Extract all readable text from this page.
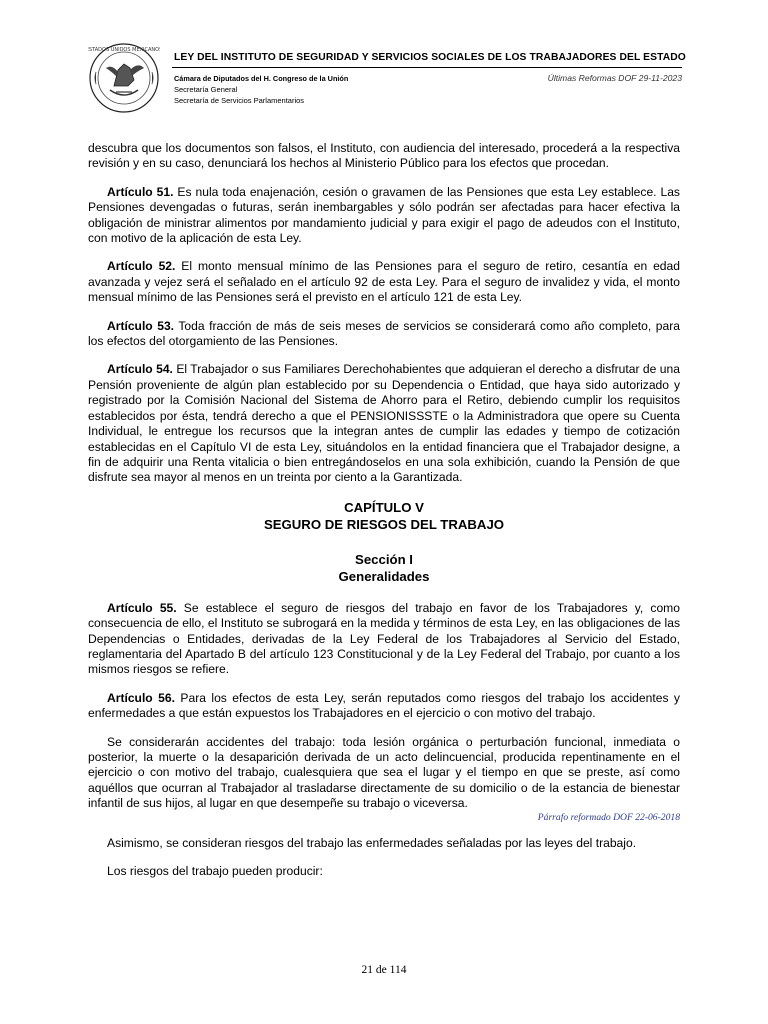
ESTADOS UNIDOS MEXICANOS
LEY DEL INSTITUTO DE SEGURIDAD Y SERVICIOS SOCIALES DE LOS TRABAJADORES DEL ESTADO
Cámara de Diputados del H. Congreso de la Unión
Secretaría General
Secretaría de Servicios Parlamentarios
Últimas Reformas DOF 29-11-2023

descubra que los documentos son falsos, el Instituto, con audiencia del interesado, procederá a la respectiva revisión y en su caso, denunciará los hechos al Ministerio Público para los efectos que procedan.

Artículo 51. Es nula toda enajenación, cesión o gravamen de las Pensiones que esta Ley establece. Las Pensiones devengadas o futuras, serán inembargables y sólo podrán ser afectadas para hacer efectiva la obligación de ministrar alimentos por mandamiento judicial y para exigir el pago de adeudos con el Instituto, con motivo de la aplicación de esta Ley.

Artículo 52. El monto mensual mínimo de las Pensiones para el seguro de retiro, cesantía en edad avanzada y vejez será el señalado en el artículo 92 de esta Ley. Para el seguro de invalidez y vida, el monto mensual mínimo de las Pensiones será el previsto en el artículo 121 de esta Ley.

Artículo 53. Toda fracción de más de seis meses de servicios se considerará como año completo, para los efectos del otorgamiento de las Pensiones.

Artículo 54. El Trabajador o sus Familiares Derechohabientes que adquieran el derecho a disfrutar de una Pensión proveniente de algún plan establecido por su Dependencia o Entidad, que haya sido autorizado y registrado por la Comisión Nacional del Sistema de Ahorro para el Retiro, debiendo cumplir los requisitos establecidos por ésta, tendrá derecho a que el PENSIONISSSTE o la Administradora que opere su Cuenta Individual, le entregue los recursos que la integran antes de cumplir las edades y tiempo de cotización establecidas en el Capítulo VI de esta Ley, situándolos en la entidad financiera que el Trabajador designe, a fin de adquirir una Renta vitalicia o bien entregándoselos en una sola exhibición, cuando la Pensión de que disfrute sea mayor al menos en un treinta por ciento a la Garantizada.

CAPÍTULO V
SEGURO DE RIESGOS DEL TRABAJO
Sección I
Generalidades

Artículo 55. Se establece el seguro de riesgos del trabajo en favor de los Trabajadores y, como consecuencia de ello, el Instituto se subrogará en la medida y términos de esta Ley, en las obligaciones de las Dependencias o Entidades, derivadas de la Ley Federal de los Trabajadores al Servicio del Estado, reglamentaria del Apartado B del artículo 123 Constitucional y de la Ley Federal del Trabajo, por cuanto a los mismos riesgos se refiere.

Artículo 56. Para los efectos de esta Ley, serán reputados como riesgos del trabajo los accidentes y enfermedades a que están expuestos los Trabajadores en el ejercicio o con motivo del trabajo.

Se considerarán accidentes del trabajo: toda lesión orgánica o perturbación funcional, inmediata o posterior, la muerte o la desaparición derivada de un acto delincuencial, producida repentinamente en el ejercicio o con motivo del trabajo, cualesquiera que sea el lugar y el tiempo en que se preste, así como aquéllos que ocurran al Trabajador al trasladarse directamente de su domicilio o de la estancia de bienestar infantil de sus hijos, al lugar en que desempeñe su trabajo o viceversa.

Párrafo reformado DOF 22-06-2018

Asimismo, se consideran riesgos del trabajo las enfermedades señaladas por las leyes del trabajo.

Los riesgos del trabajo pueden producir:

21 de 114
